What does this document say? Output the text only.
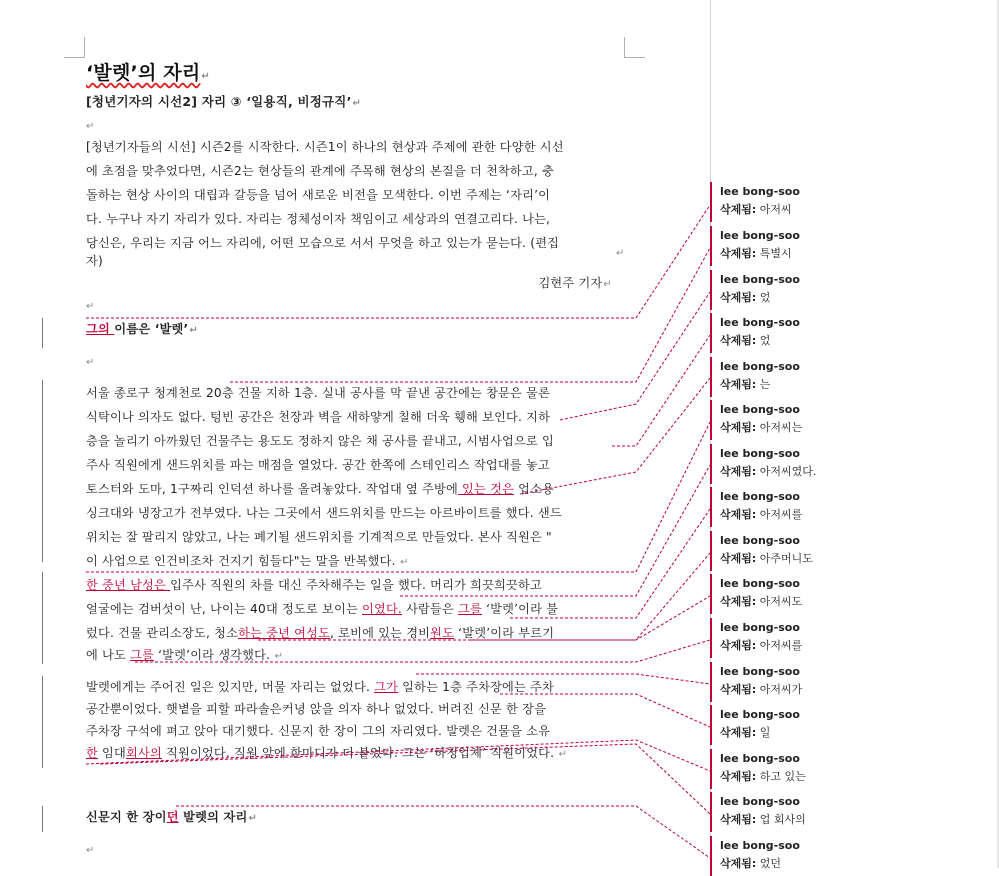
‘발렛’의 자리↵
[청년기자의 시선2] 자리 ③ ‘일용직, 비정규직’↵
↵
[청년기자들의 시선] 시즌2를 시작한다. 시즌1이 하나의 현상과 주제에 관한 다양한 시선
에 초점을 맞추었다면, 시즌2는 현상들의 관계에 주목해 현상의 본질을 더 천착하고, 충
돌하는 현상 사이의 대립과 갈등을 넘어 새로운 비전을 모색한다. 이번 주제는 ‘자리’이
다. 누구나 자기 자리가 있다. 자리는 정체성이자 책임이고 세상과의 연결고리다. 나는,
당신은, 우리는 지금 어느 자리에, 어떤 모습으로 서서 무엇을 하고 있는가 묻는다. (편집
자)
↵
김현주 기자↵
↵
그의 이름은 ‘발렛’↵
↵
서울 종로구 청계천로 20층 건물 지하 1층. 실내 공사를 막 끝낸 공간에는 창문은 물론
식탁이나 의자도 없다. 텅빈 공간은 천장과 벽을 새하얗게 칠해 더욱 휑해 보인다. 지하
층을 놀리기 아까웠던 건물주는 용도도 정하지 않은 채 공사를 끝내고, 시범사업으로 입
주사 직원에게 샌드위치를 파는 매점을 열었다. 공간 한쪽에 스테인리스 작업대를 놓고
토스터와 도마, 1구짜리 인덕션 하나를 올려놓았다. 작업대 옆 주방에 있는 것은 업소용
싱크대와 냉장고가 전부였다. 나는 그곳에서 샌드위치를 만드는 아르바이트를 했다. 샌드
위치는 잘 팔리지 않았고, 나는 폐기될 샌드위치를 기계적으로 만들었다. 본사 직원은 "
이 사업으로 인건비조차 건지기 힘들다"는 말을 반복했다. ↵
한 중년 남성은 입주사 직원의 차를 대신 주차해주는 일을 했다. 머리가 희끗희끗하고
얼굴에는 검버섯이 난, 나이는 40대 정도로 보이는 이였다. 사람들은 그를 ‘발렛’이라 불
렀다. 건물 관리소장도, 청소하는 중년 여성도, 로비에 있는 경비원도 ‘발렛’이라 부르기
에 나도 그를 ‘발렛’이라 생각했다. ↵
발렛에게는 주어진 일은 있지만, 머물 자리는 없었다. 그가 일하는 1층 주차장에는 주차
공간뿐이었다. 햇볕을 피할 파라솔은커녕 앉을 의자 하나 없었다. 버려진 신문 한 장을
주차장 구석에 펴고 앉아 대기했다. 신문지 한 장이 그의 자리였다. 발렛은 건물을 소유
한 임대회사의 직원이었다. 직원 앞에 한마디가 더 붙었다. 그는 ‘하청업체’ 직원이었다. ↵
신문지 한 장이던 발렛의 자리↵
↵
lee bong-soo
삭제됨: 아저씨
lee bong-soo
삭제됨: 특별시
lee bong-soo
삭제됨: 었
lee bong-soo
삭제됨: 었
lee bong-soo
삭제됨: 는
lee bong-soo
삭제됨: 아저씨는
lee bong-soo
삭제됨: 아저씨였다.
lee bong-soo
삭제됨: 아저씨를
lee bong-soo
삭제됨: 아주머니도
lee bong-soo
삭제됨: 아저씨도
lee bong-soo
삭제됨: 아저씨를
lee bong-soo
삭제됨: 아저씨가
lee bong-soo
삭제됨: 일
lee bong-soo
삭제됨: 하고 있는
lee bong-soo
삭제됨: 업 회사의
lee bong-soo
삭제됨: 었던
